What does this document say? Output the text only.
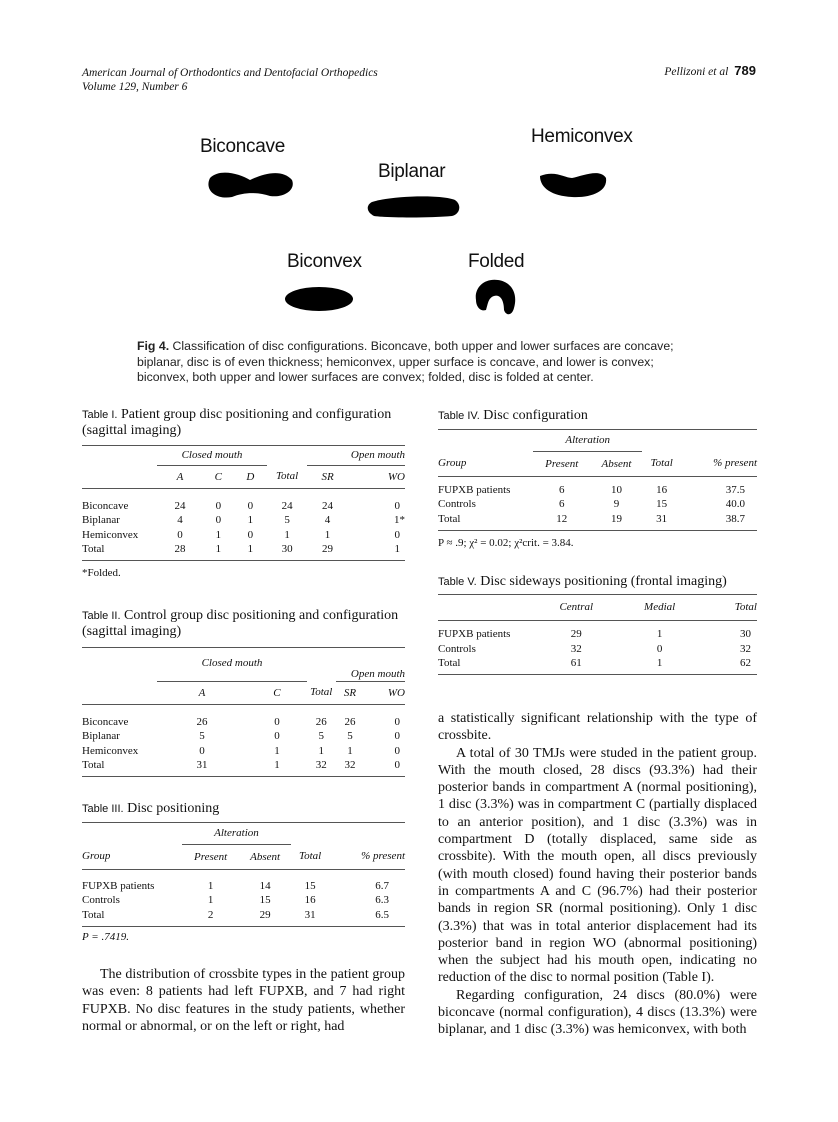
American Journal of Orthodontics and Dentofacial Orthopedics
Volume 129, Number 6
Pellizoni et al 789
Biconcave
Biplanar
Hemiconvex
Biconvex	Folded
Fig 4. Classification of disc configurations. Biconcave, both upper and lower surfaces are concave; biplanar, disc is of even thickness; hemiconvex, upper surface is concave, and lower is convex; biconvex, both upper and lower surfaces are convex; folded, disc is folded at center.
Table I. Patient group disc positioning and configuration (sagittal imaging)
	Closed mouth				Open mouth	
	A	C	D	Total	SR	WO

Biconcave	24	0	0	24	24	0
Biplanar	4	0	1	5	4	1*
Hemiconvex	0	1	0	1	1	0
Total	28	1	1	30	29	1
*Folded.
Table II. Control group disc positioning and configuration (sagittal imaging)
	Closed mouth			Open mouth	
	A	C	Total	SR	WO

Biconcave	26	0	26	26	0
Biplanar	5	0	5	5	0
Hemiconvex	0	1	1	1	0
Total	31	1	32	32	0
Table III. Disc positioning
	Alteration			
Group	Present	Absent	Total	% present

FUPXB patients	1	14	15	6.7
Controls	1	15	16	6.3
Total	2	29	31	6.5
P = .7419.
Table IV. Disc configuration
	Alteration			
Group	Present	Absent	Total	% present

FUPXB patients	6	10	16	37.5
Controls	6	9	15	40.0
Total	12	19	31	38.7
P ≈ .9; χ² = 0.02; χ²crit. = 3.84.
Table V. Disc sideways positioning (frontal imaging)
	Central	Medial	Total

FUPXB patients	29	1	30
Controls	32	0	32
Total	61	1	62

The distribution of crossbite types in the patient group was even: 8 patients had left FUPXB, and 7 had right FUPXB. No disc features in the study patients, whether normal or abnormal, or on the left or right, had

a statistically significant relationship with the type of crossbite.

A total of 30 TMJs were studed in the patient group. With the mouth closed, 28 discs (93.3%) had their posterior bands in compartment A (normal positioning), 1 disc (3.3%) was in compartment C (partially displaced to an anterior position), and 1 disc (3.3%) was in compartment D (totally displaced, same side as crossbite). With the mouth open, all discs previously (with mouth closed) found having their posterior bands in compartments A and C (96.7%) had their posterior bands in region SR (normal positioning). Only 1 disc (3.3%) that was in total anterior displacement had its posterior band in region WO (abnormal positioning) when the subject had his mouth open, indicating no reduction of the disc to normal position (Table I).

Regarding configuration, 24 discs (80.0%) were biconcave (normal configuration), 4 discs (13.3%) were biplanar, and 1 disc (3.3%) was hemiconvex, with both
